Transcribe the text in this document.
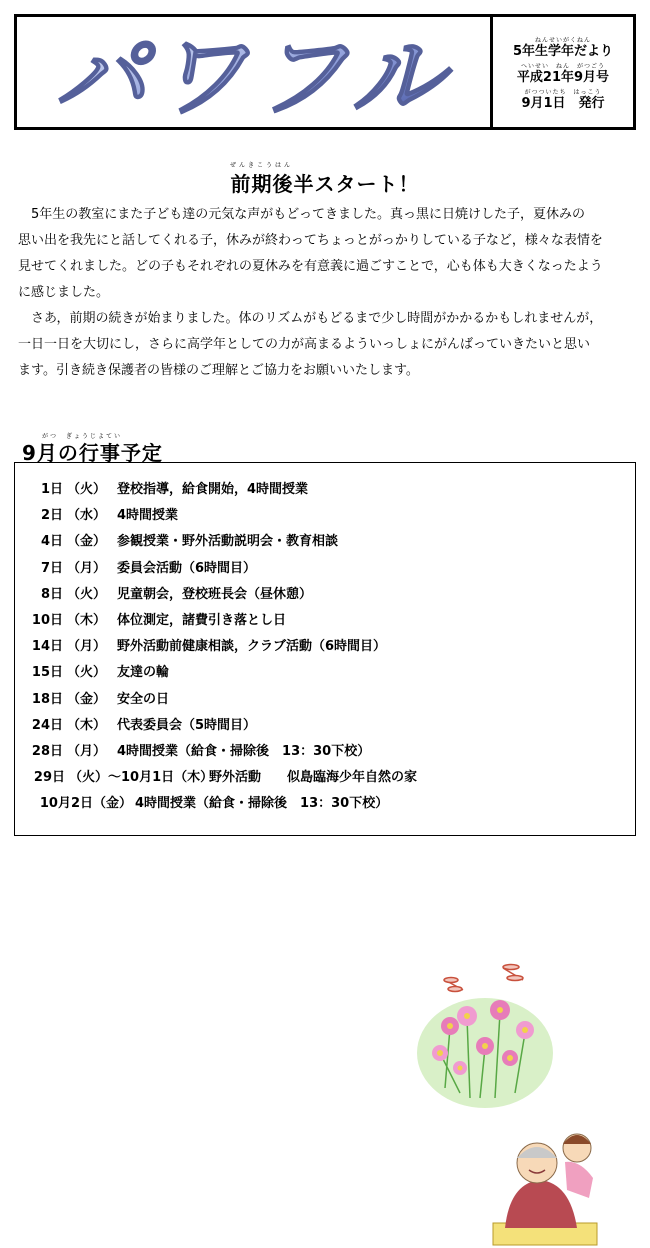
パワフル	ねんせいがくねん
5年生学年だより
へいせい　ねん　がつごう
平成21年9月号
がつついたち　はっこう
9月1日　発行
ぜんきこうはん
前期後半スタート！
　5年生の教室にまた子ども達の元気な声がもどってきました。真っ黒に日焼けした子，夏休みの
思い出を我先にと話してくれる子，休みが終わってちょっとがっかりしている子など，様々な表情を
見せてくれました。どの子もそれぞれの夏休みを有意義に過ごすことで，心も体も大きくなったよう
に感じました。
　さあ，前期の続きが始まりました。体のリズムがもどるまで少し時間がかかるかもしれませんが，
一日一日を大切にし，さらに高学年としての力が高まるよういっしょにがんばっていきたいと思い
ます。引き続き保護者の皆様のご理解とご協力をお願いいたします。
がつ　ぎょうじよてい
9月の行事予定
1日 （火） 登校指導，給食開始，4時間授業
2日 （水） 4時間授業
4日 （金） 参観授業・野外活動説明会・教育相談
7日 （月） 委員会活動（6時間目）
8日 （火） 児童朝会，登校班長会（昼休憩）
10日 （木） 体位測定，諸費引き落とし日
14日 （月） 野外活動前健康相談，クラブ活動（6時間目）
15日 （火） 友達の輪
18日 （金） 安全の日
24日 （木） 代表委員会（5時間目）
28日 （月） 4時間授業（給食・掃除後　13：30下校）
29日 （火）～10月1日（木）
野外活動　　似島臨海少年自然の家
10月2日 （金） 4時間授業（給食・掃除後　13：30下校）
